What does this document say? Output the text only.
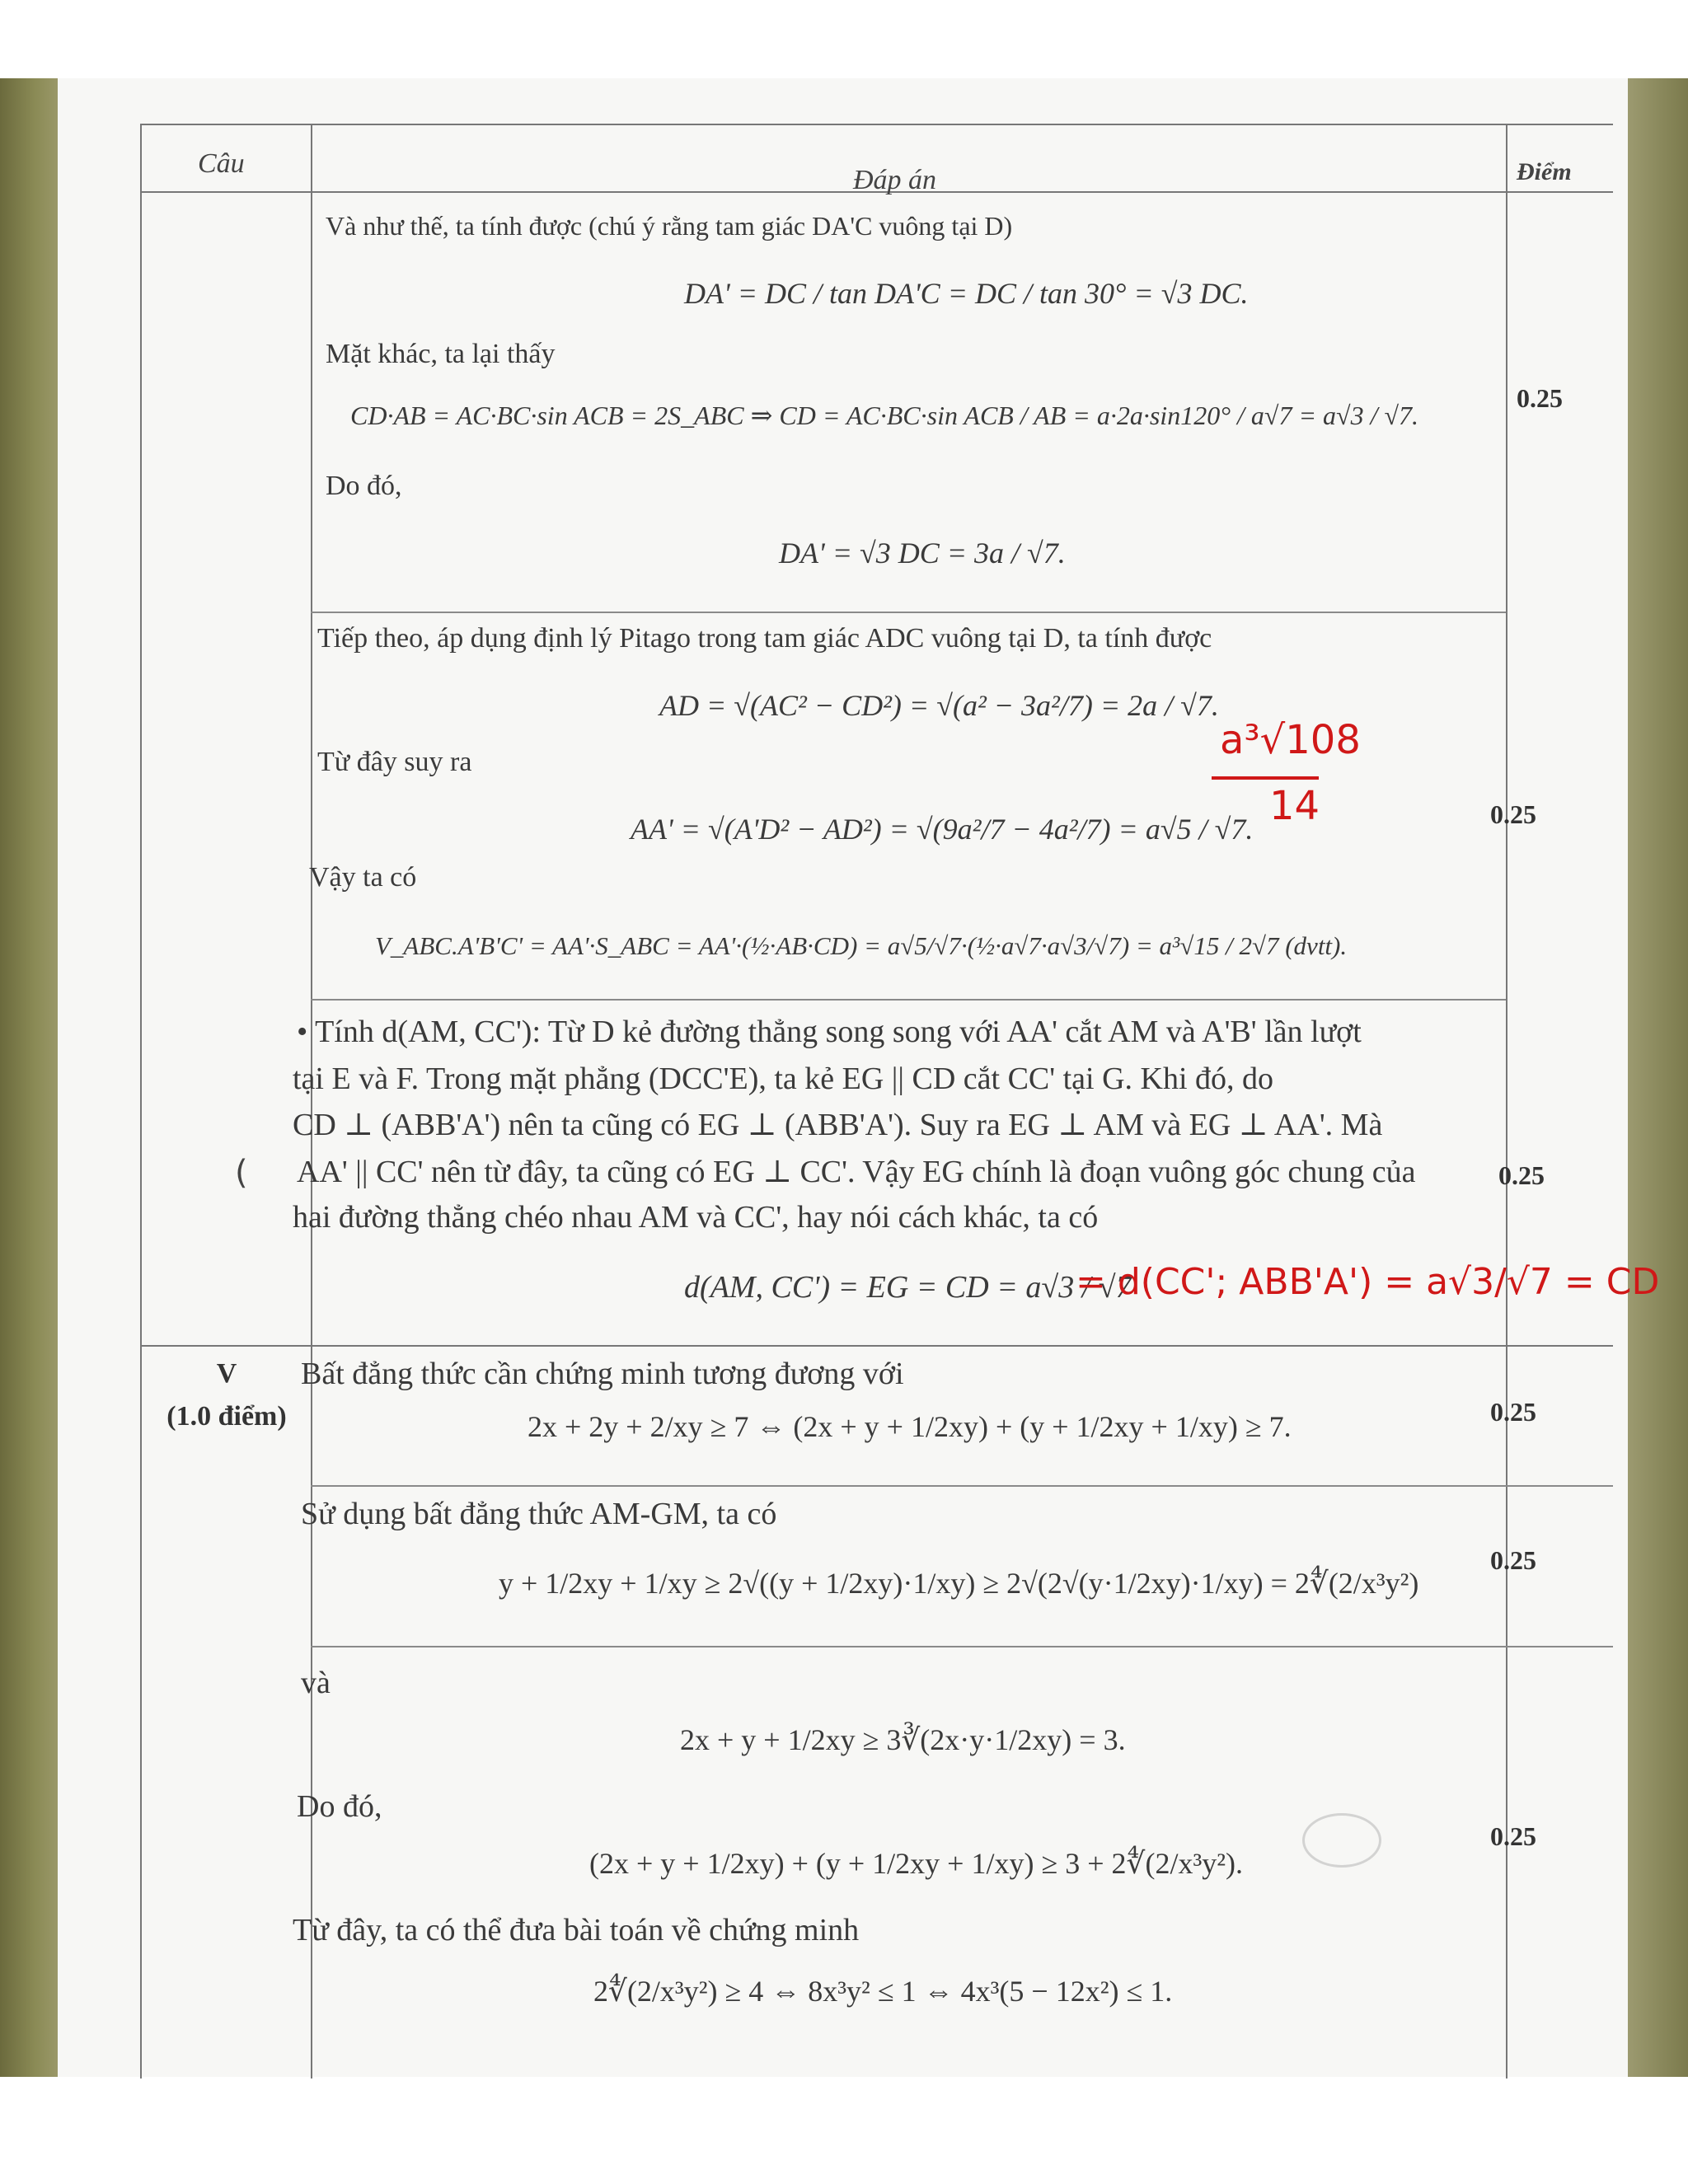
Câu
Đáp án	Điểm
Và như thế, ta tính được (chú ý rằng tam giác DA'C vuông tại D)
DA' = DC / tan DA'C = DC / tan 30° = √3 DC.
Mặt khác, ta lại thấy
CD·AB = AC·BC·sin ACB = 2S_ABC ⇒ CD = AC·BC·sin ACB / AB = a·2a·sin120° / a√7 = a√3 / √7.
Do đó,
DA' = √3 DC = 3a / √7.
0.25
Tiếp theo, áp dụng định lý Pitago trong tam giác ADC vuông tại D, ta tính được
AD = √(AC² − CD²) = √(a² − 3a²/7) = 2a / √7.
Từ đây suy ra
AA' = √(A'D² − AD²) = √(9a²/7 − 4a²/7) = a√5 / √7.
Vậy ta có
V_ABC.A'B'C' = AA'·S_ABC = AA'·(½·AB·CD) = a√5/√7·(½·a√7·a√3/√7) = a³√15 / 2√7 (dvtt).
0.25
• Tính d(AM, CC'): Từ D kẻ đường thẳng song song với AA' cắt AM và A'B' lần lượt
tại E và F. Trong mặt phẳng (DCC'E), ta kẻ EG || CD cắt CC' tại G. Khi đó, do
CD ⊥ (ABB'A') nên ta cũng có EG ⊥ (ABB'A'). Suy ra EG ⊥ AM và EG ⊥ AA'. Mà
AA' || CC' nên từ đây, ta cũng có EG ⊥ CC'. Vậy EG chính là đoạn vuông góc chung của
hai đường thẳng chéo nhau AM và CC', hay nói cách khác, ta có
d(AM, CC') = EG = CD = a√3 / √7
0.25
a³√108
14
= d(CC'; ABB'A') = a√3/√7 = CD
(
V
(1.0 điểm)
Bất đẳng thức cần chứng minh tương đương với
2x + 2y + 2/xy ≥ 7 ⇔ (2x + y + 1/2xy) + (y + 1/2xy + 1/xy) ≥ 7.	0.25
Sử dụng bất đẳng thức AM-GM, ta có
y + 1/2xy + 1/xy ≥ 2√((y + 1/2xy)·1/xy) ≥ 2√(2√(y·1/2xy)·1/xy) = 2∜(2/x³y²)
0.25
và
2x + y + 1/2xy ≥ 3∛(2x·y·1/2xy) = 3.
Do đó,
(2x + y + 1/2xy) + (y + 1/2xy + 1/xy) ≥ 3 + 2∜(2/x³y²).
Từ đây, ta có thể đưa bài toán về chứng minh
2∜(2/x³y²) ≥ 4 ⇔ 8x³y² ≤ 1 ⇔ 4x³(5 − 12x²) ≤ 1.
0.25
